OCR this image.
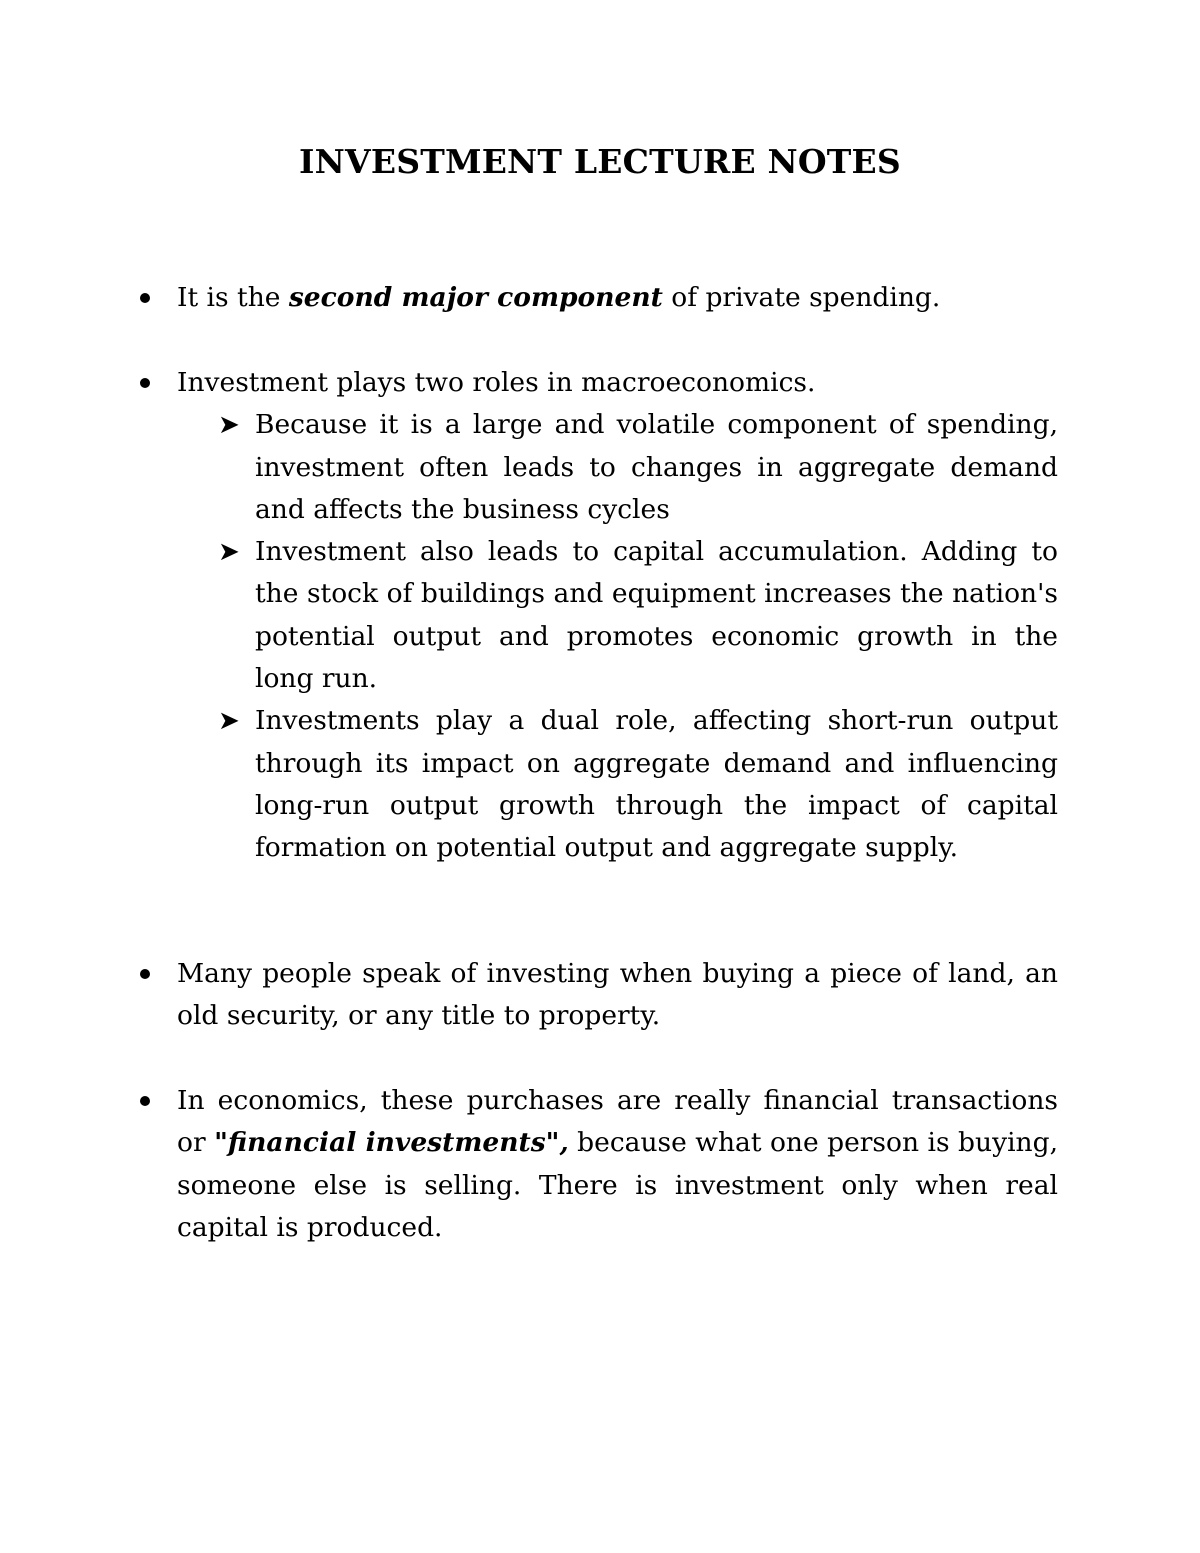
INVESTMENT LECTURE NOTES
It is the second major component of private spending.
Investment plays two roles in macroeconomics.
➤ Because it is a large and volatile component of spending, investment often leads to changes in aggregate demand and affects the business cycles
➤ Investment also leads to capital accumulation. Adding to the stock of buildings and equipment increases the nation's potential output and promotes economic growth in the long run.
➤ Investments play a dual role, affecting short-run output through its impact on aggregate demand and influencing long-run output growth through the impact of capital formation on potential output and aggregate supply.
Many people speak of investing when buying a piece of land, an old security, or any title to property.
In economics, these purchases are really financial transactions or "financial investments", because what one person is buying, someone else is selling. There is investment only when real capital is produced.
